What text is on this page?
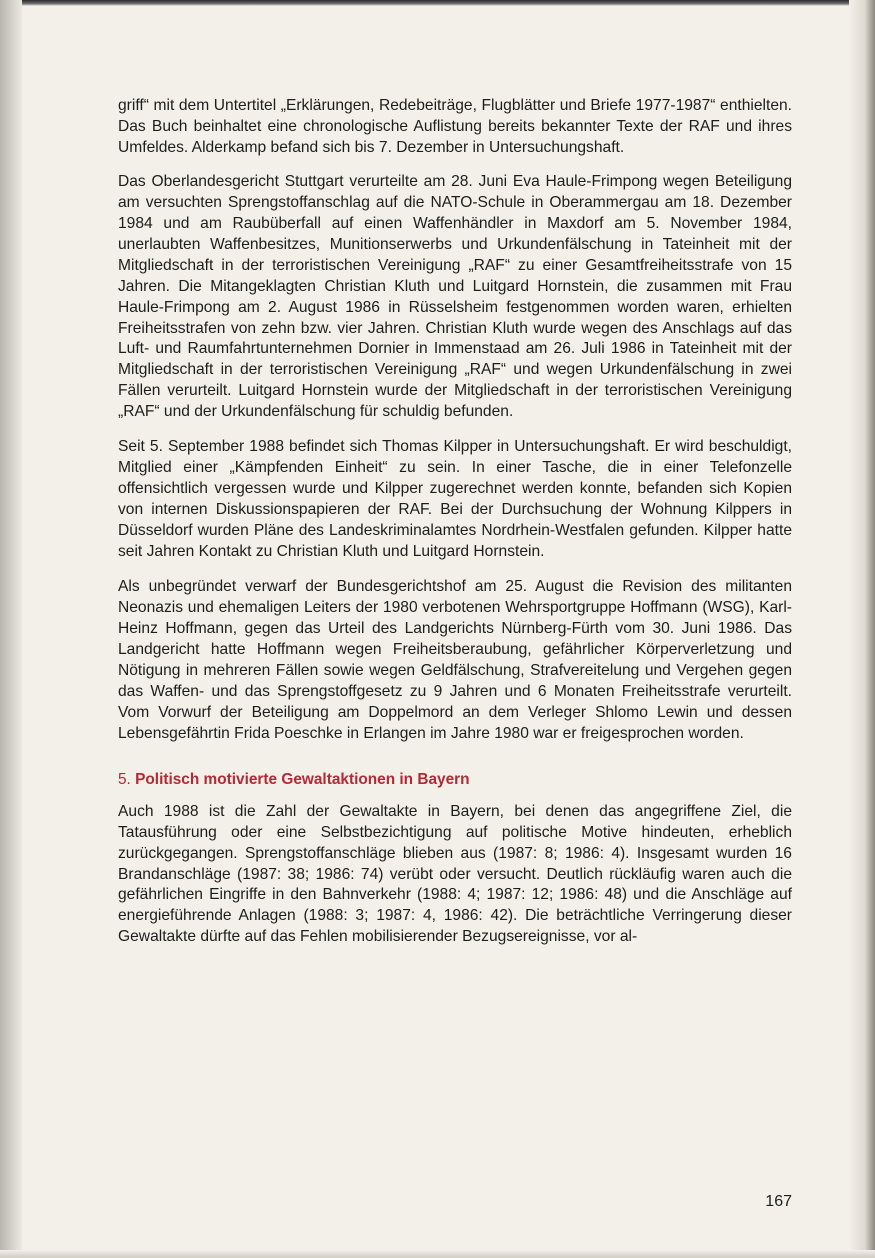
griff“ mit dem Untertitel „Erklärungen, Redebeiträge, Flugblätter und Briefe 1977-1987“ enthielten. Das Buch beinhaltet eine chronologische Auflistung bereits bekannter Texte der RAF und ihres Umfeldes. Alderkamp befand sich bis 7. Dezember in Untersuchungshaft.

Das Oberlandesgericht Stuttgart verurteilte am 28. Juni Eva Haule-Frimpong wegen Beteiligung am versuchten Sprengstoffanschlag auf die NATO-Schule in Oberammergau am 18. Dezember 1984 und am Raubüberfall auf einen Waffenhändler in Maxdorf am 5. November 1984, unerlaubten Waffenbesitzes, Munitionserwerbs und Urkundenfälschung in Tateinheit mit der Mitgliedschaft in der terroristischen Vereinigung „RAF“ zu einer Gesamtfreiheitsstrafe von 15 Jahren. Die Mitangeklagten Christian Kluth und Luitgard Hornstein, die zusammen mit Frau Haule-Frimpong am 2. August 1986 in Rüsselsheim festgenommen worden waren, erhielten Freiheitsstrafen von zehn bzw. vier Jahren. Christian Kluth wurde wegen des Anschlags auf das Luft- und Raumfahrtunternehmen Dornier in Immenstaad am 26. Juli 1986 in Tateinheit mit der Mitgliedschaft in der terroristischen Vereinigung „RAF“ und wegen Urkundenfälschung in zwei Fällen verurteilt. Luitgard Hornstein wurde der Mitgliedschaft in der terroristischen Vereinigung „RAF“ und der Urkundenfälschung für schuldig befunden.

Seit 5. September 1988 befindet sich Thomas Kilpper in Untersuchungshaft. Er wird beschuldigt, Mitglied einer „Kämpfenden Einheit“ zu sein. In einer Tasche, die in einer Telefonzelle offensichtlich vergessen wurde und Kilpper zugerechnet werden konnte, befanden sich Kopien von internen Diskussionspapieren der RAF. Bei der Durchsuchung der Wohnung Kilppers in Düsseldorf wurden Pläne des Landeskriminalamtes Nordrhein-Westfalen gefunden. Kilpper hatte seit Jahren Kontakt zu Christian Kluth und Luitgard Hornstein.

Als unbegründet verwarf der Bundesgerichtshof am 25. August die Revision des militanten Neonazis und ehemaligen Leiters der 1980 verbotenen Wehrsportgruppe Hoffmann (WSG), Karl-Heinz Hoffmann, gegen das Urteil des Landgerichts Nürnberg-Fürth vom 30. Juni 1986. Das Landgericht hatte Hoffmann wegen Freiheitsberaubung, gefährlicher Körperverletzung und Nötigung in mehreren Fällen sowie wegen Geldfälschung, Strafvereitelung und Vergehen gegen das Waffen- und das Sprengstoffgesetz zu 9 Jahren und 6 Monaten Freiheitsstrafe verurteilt. Vom Vorwurf der Beteiligung am Doppelmord an dem Verleger Shlomo Lewin und dessen Lebensgefährtin Frida Poeschke in Erlangen im Jahre 1980 war er freigesprochen worden.

5. Politisch motivierte Gewaltaktionen in Bayern

Auch 1988 ist die Zahl der Gewaltakte in Bayern, bei denen das angegriffene Ziel, die Tatausführung oder eine Selbstbezichtigung auf politische Motive hindeuten, erheblich zurückgegangen. Sprengstoffanschläge blieben aus (1987: 8; 1986: 4). Insgesamt wurden 16 Brandanschläge (1987: 38; 1986: 74) verübt oder versucht. Deutlich rückläufig waren auch die gefährlichen Eingriffe in den Bahnverkehr (1988: 4; 1987: 12; 1986: 48) und die Anschläge auf energieführende Anlagen (1988: 3; 1987: 4, 1986: 42). Die beträchtliche Verringerung dieser Gewaltakte dürfte auf das Fehlen mobilisierender Bezugsereignisse, vor al-

167
